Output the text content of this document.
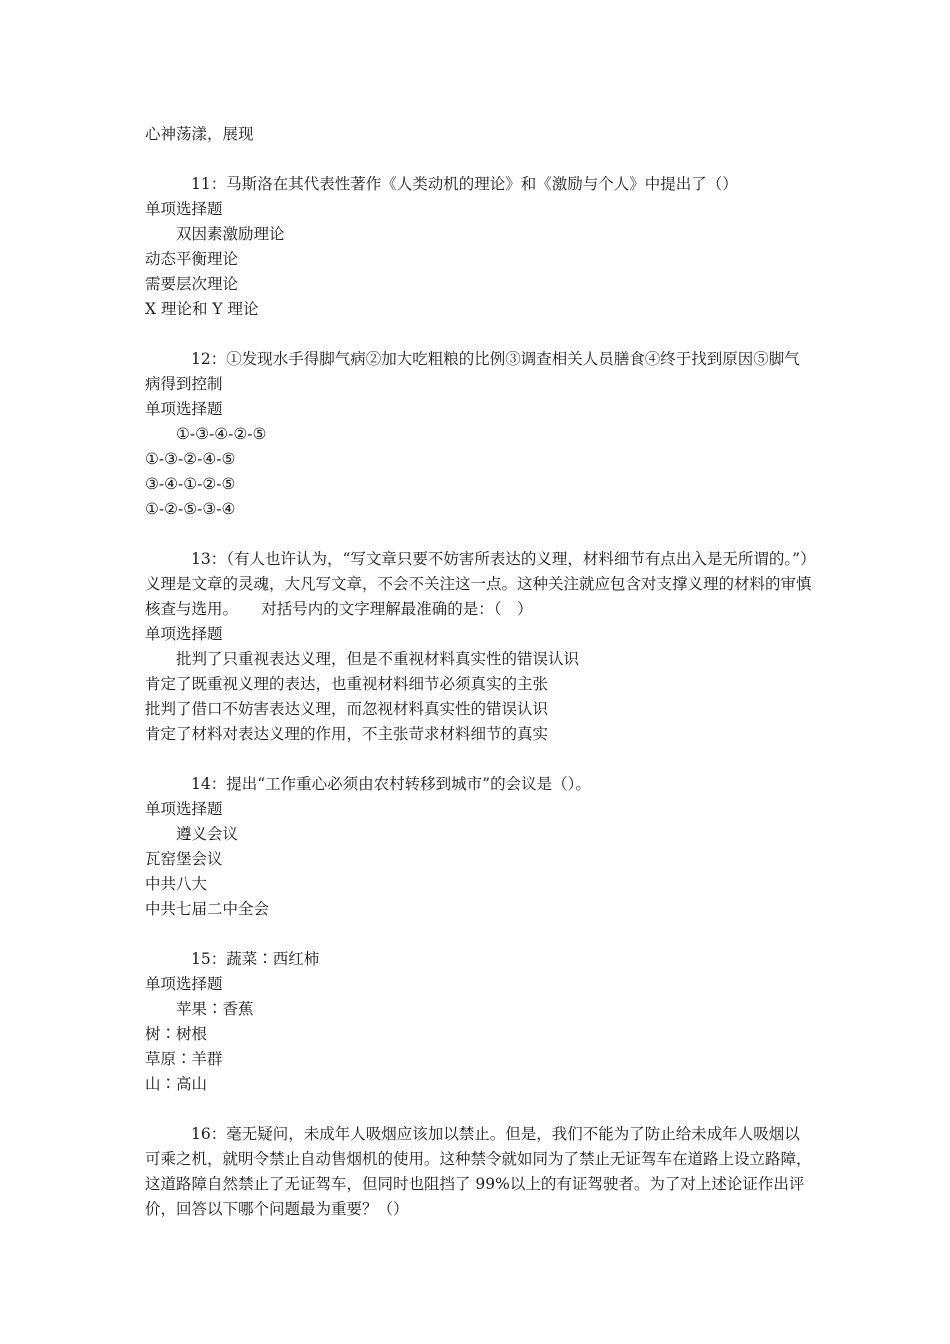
心神荡漾，展现

11：马斯洛在其代表性著作《人类动机的理论》和《激励与个人》中提出了（）

单项选择题

双因素激励理论

动态平衡理论

需要层次理论

X 理论和 Y 理论

12：①发现水手得脚气病②加大吃粗粮的比例③调查相关人员膳食④终于找到原因⑤脚气病得到控制

单项选择题

①-③-④-②-⑤

①-③-②-④-⑤

③-④-①-②-⑤

①-②-⑤-③-④

13：（有人也许认为，“写文章只要不妨害所表达的义理，材料细节有点出入是无所谓的。”）义理是文章的灵魂，大凡写文章，不会不关注这一点。这种关注就应包含对支撑义理的材料的审慎核查与选用。　　对括号内的文字理解最准确的是：（　）

单项选择题

批判了只重视表达义理，但是不重视材料真实性的错误认识

肯定了既重视义理的表达，也重视材料细节必须真实的主张

批判了借口不妨害表达义理，而忽视材料真实性的错误认识

肯定了材料对表达义理的作用，不主张苛求材料细节的真实

14：提出“工作重心必须由农村转移到城市”的会议是（）。

单项选择题

遵义会议

瓦窑堡会议

中共八大

中共七届二中全会

15：蔬菜∶西红柿

单项选择题

苹果∶香蕉

树∶树根

草原∶羊群

山∶高山

16：毫无疑问，未成年人吸烟应该加以禁止。但是，我们不能为了防止给未成年人吸烟以可乘之机，就明令禁止自动售烟机的使用。这种禁令就如同为了禁止无证驾车在道路上设立路障，这道路障自然禁止了无证驾车，但同时也阻挡了 99%以上的有证驾驶者。为了对上述论证作出评价，回答以下哪个问题最为重要？（）
